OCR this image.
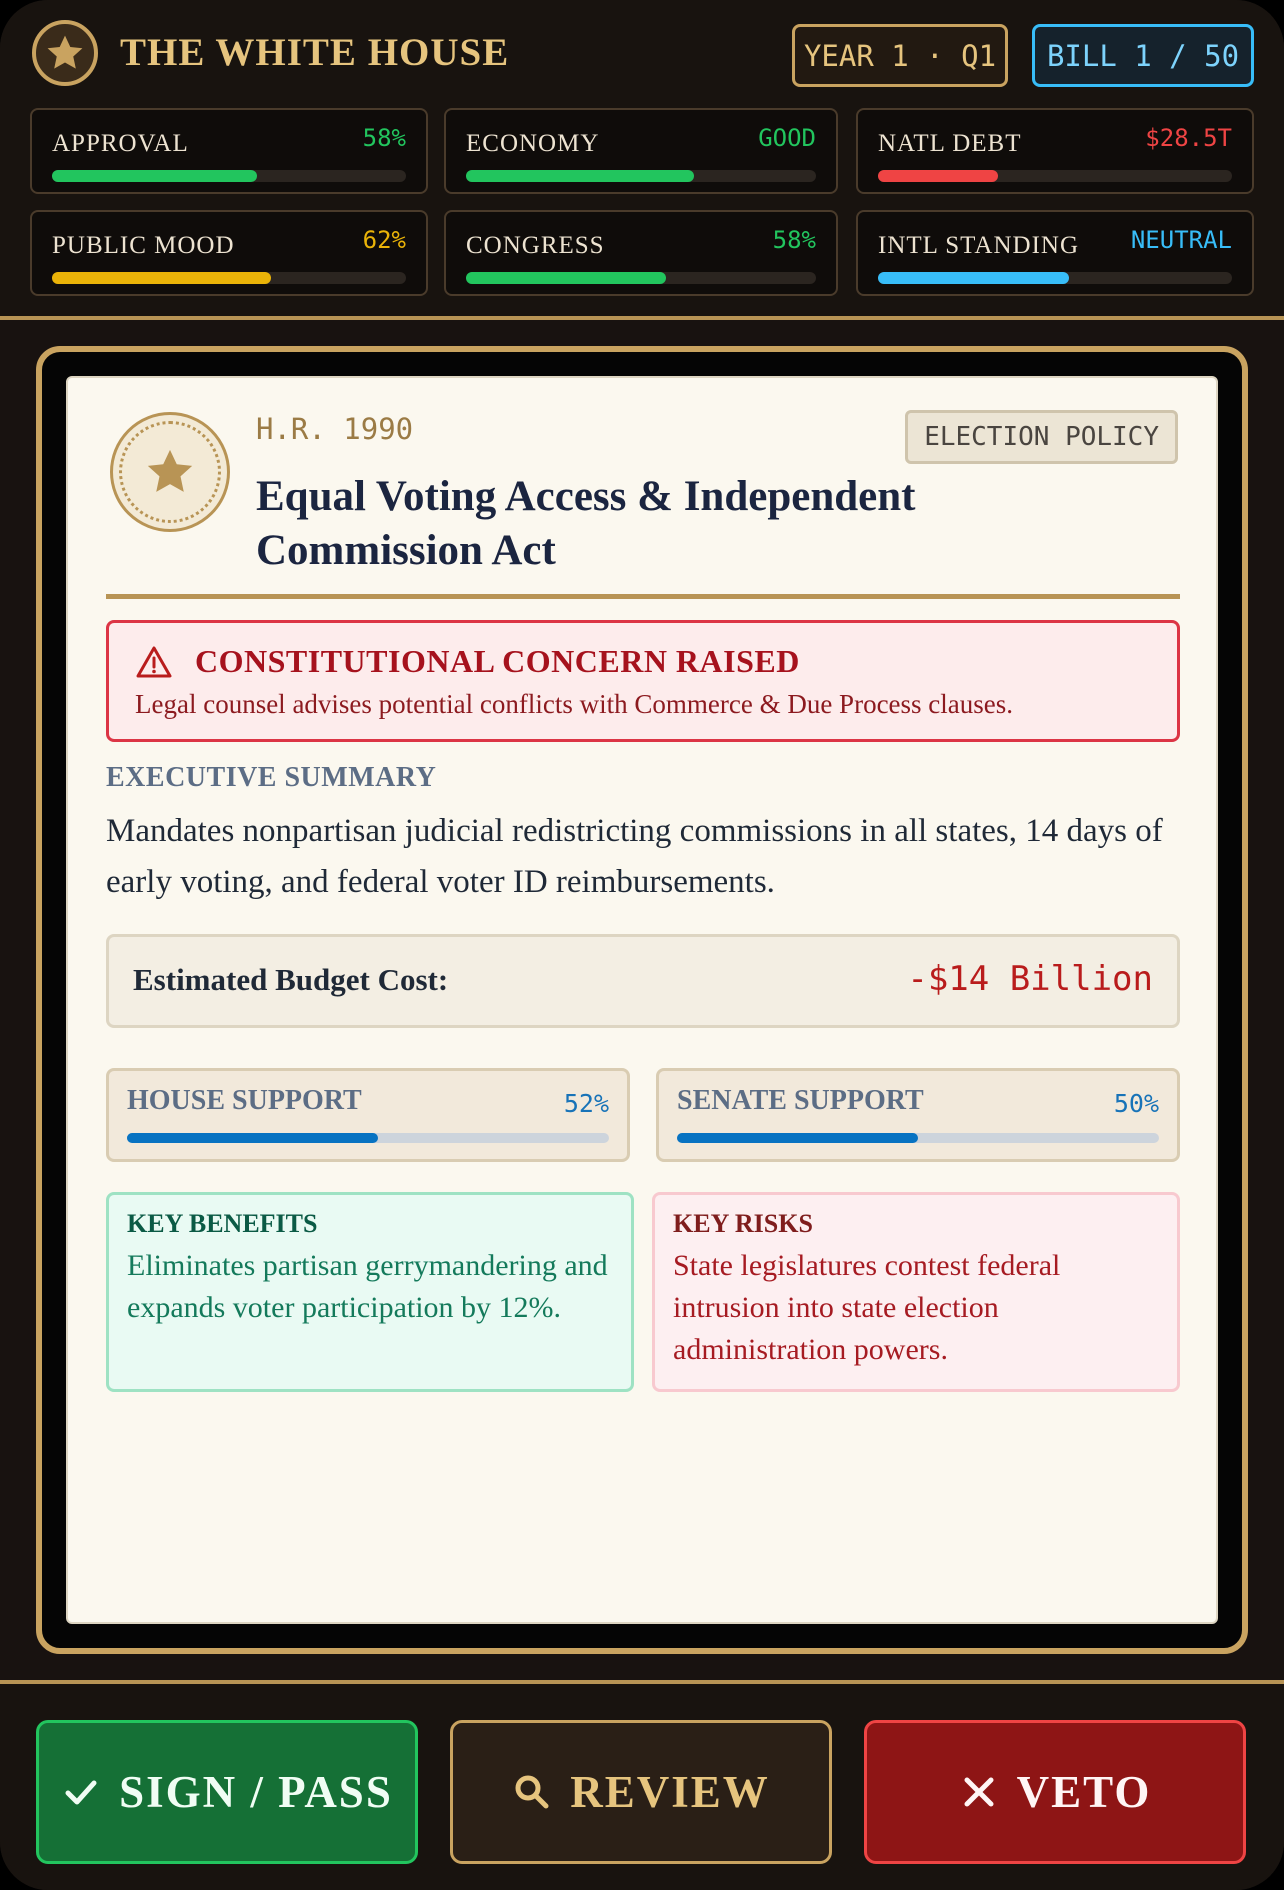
THE WHITE HOUSE	YEAR 1 · Q1	BILL 1 / 50
APPROVAL	58% ECONOMY	GOOD NATL DEBT	$28.5T
PUBLIC MOOD	62% CONGRESS	58% INTL STANDING NEUTRAL
H.R. 1990	ELECTION POLICY
Equal Voting Access & Independent Commission Act
CONSTITUTIONAL CONCERN RAISED
Legal counsel advises potential conflicts with Commerce & Due Process clauses.
EXECUTIVE SUMMARY
Mandates nonpartisan judicial redistricting commissions in all states, 14 days of early voting, and federal voter ID reimbursements.
Estimated Budget Cost:	-$14 Billion
HOUSE SUPPORT	52% SENATE SUPPORT	50%
KEY BENEFITS
Eliminates partisan gerrymandering and expands voter participation by 12%.
KEY RISKS
State legislatures contest federal intrusion into state election administration powers.
SIGN / PASS	REVIEW	VETO
